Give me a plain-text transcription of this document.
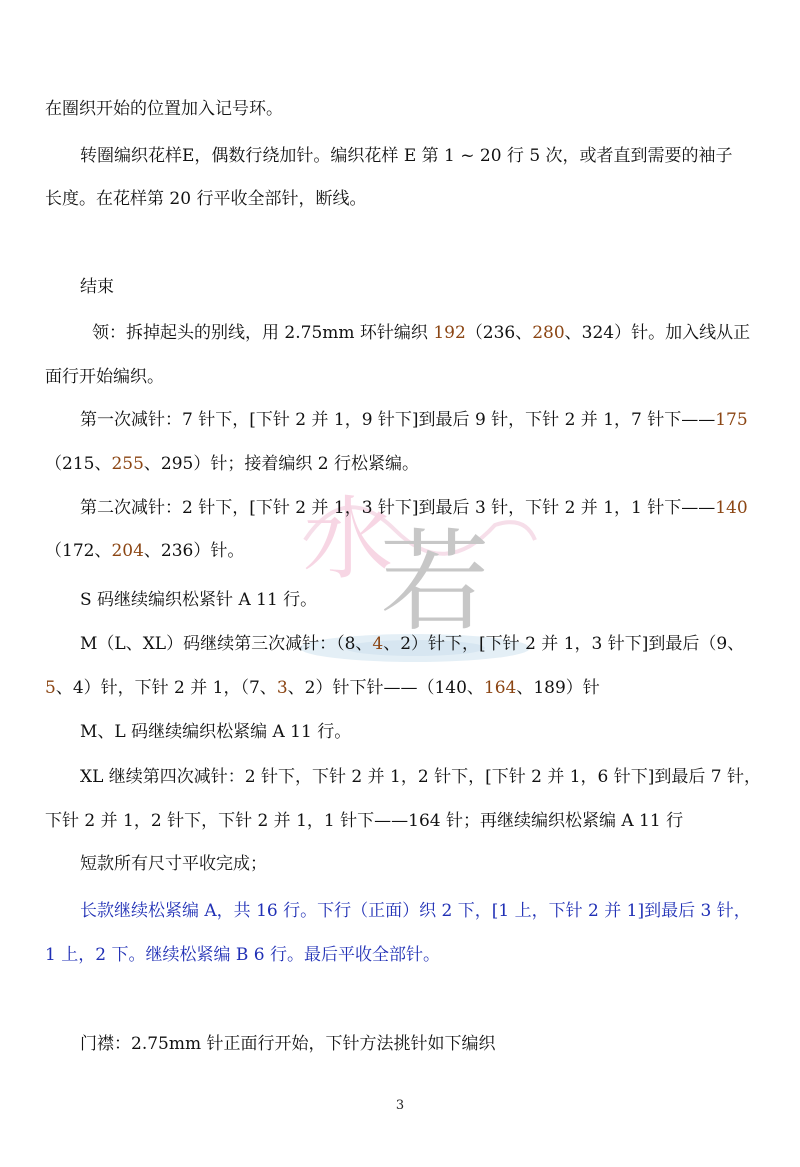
水
若
在圈织开始的位置加入记号环。
转圈编织花样E，偶数行绕加针。编织花样 E 第 1 ~ 20 行 5 次，或者直到需要的袖子
长度。在花样第 20 行平收全部针，断线。
结束
领：拆掉起头的别线，用 2.75mm 环针编织 192（236、280、324）针。加入线从正
面行开始编织。
第一次减针：7 针下，[下针 2 并 1，9 针下]到最后 9 针，下针 2 并 1，7 针下——175
（215、255、295）针；接着编织 2 行松紧编。
第二次减针：2 针下，[下针 2 并 1，3 针下]到最后 3 针，下针 2 并 1，1 针下——140
（172、204、236）针。
S 码继续编织松紧针 A 11 行。
M（L、XL）码继续第三次减针：（8、4、2）针下，[下针 2 并 1，3 针下]到最后（9、
5、4）针，下针 2 并 1，（7、3、2）针下针——（140、164、189）针
M、L 码继续编织松紧编 A 11 行。
XL 继续第四次减针：2 针下，下针 2 并 1，2 针下，[下针 2 并 1，6 针下]到最后 7 针，
下针 2 并 1，2 针下，下针 2 并 1，1 针下——164 针；再继续编织松紧编 A 11 行
短款所有尺寸平收完成；
长款继续松紧编 A，共 16 行。下行（正面）织 2 下，[1 上，下针 2 并 1]到最后 3 针，
1 上，2 下。继续松紧编 B 6 行。最后平收全部针。
门襟：2.75mm 针正面行开始，下针方法挑针如下编织
3
